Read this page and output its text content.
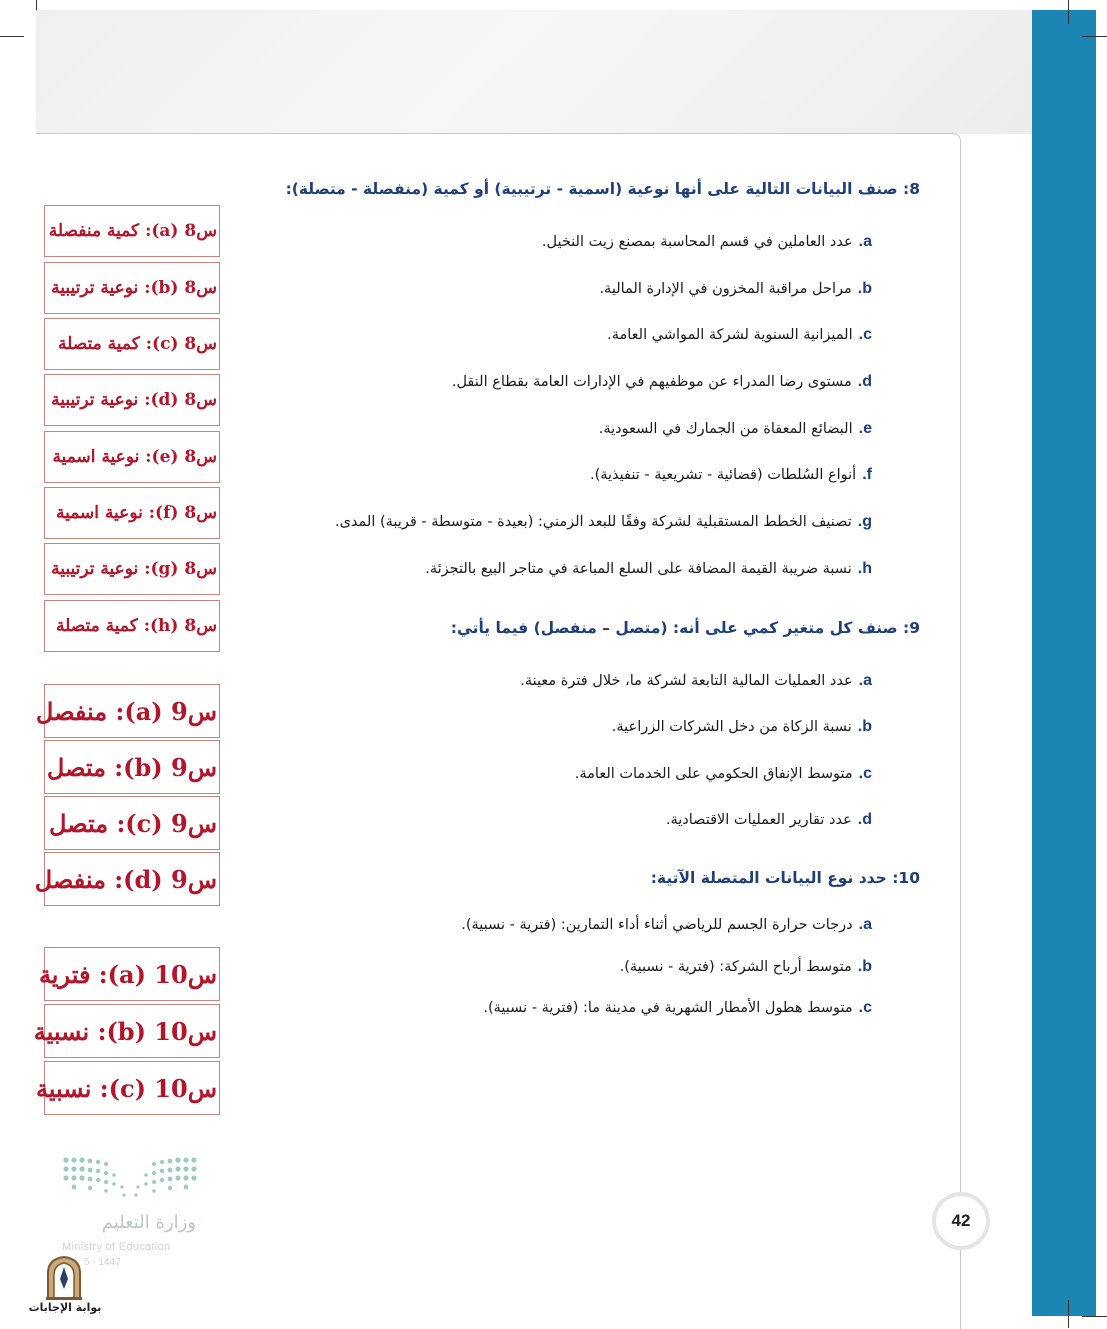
8: صنف البيانات التالية على أنها نوعية (اسمية - ترتيبية) أو كمية (منفصلة - متصلة):
a.عدد العاملين في قسم المحاسبة بمصنع زيت النخيل.
b.مراحل مراقبة المخزون في الإدارة المالية.
c.الميزانية السنوية لشركة المواشي العامة.
d.مستوى رضا المدراء عن موظفيهم في الإدارات العامة بقطاع النقل.
e.البضائع المعفاة من الجمارك في السعودية.
f.أنواع السُلطات (قضائية - تشريعية - تنفيذية).
g.تصنيف الخطط المستقبلية لشركة وفقًا للبعد الزمني: (بعيدة - متوسطة - قريبة) المدى.
h.نسبة ضريبة القيمة المضافة على السلع المباعة في متاجر البيع بالتجزئة.
9: صنف كل متغير كمي على أنه: (متصل – منفصل) فيما يأتي:
a.عدد العمليات المالية التابعة لشركة ما، خلال فترة معينة.
b.نسبة الزكاة من دخل الشركات الزراعية.
c.متوسط الإنفاق الحكومي على الخدمات العامة.
d.عدد تقارير العمليات الاقتصادية.
10: حدد نوع البيانات المتصلة الآتية:
a.درجات حرارة الجسم للرياضي أثناء أداء التمارين: (فترية - نسبية).
b.متوسط أرباح الشركة: (فترية - نسبية).
c.متوسط هطول الأمطار الشهرية في مدينة ما: (فترية - نسبية).
س8 (a): كمية منفصلة
س8 (b): نوعية ترتيبية
س8 (c): كمية متصلة
س8 (d): نوعية ترتيبية
س8 (e): نوعية اسمية
س8 (f): نوعية اسمية
س8 (g): نوعية ترتيبية
س8 (h): كمية متصلة
س9 (a): منفصل
س9 (b): متصل
س9 (c): متصل
س9 (d): منفصل
س10 (a): فترية
س10 (b): نسبية
س10 (c): نسبية
وزارة التعليم
Ministry of Education
5 - 1447
بوابة الإجابات
42
